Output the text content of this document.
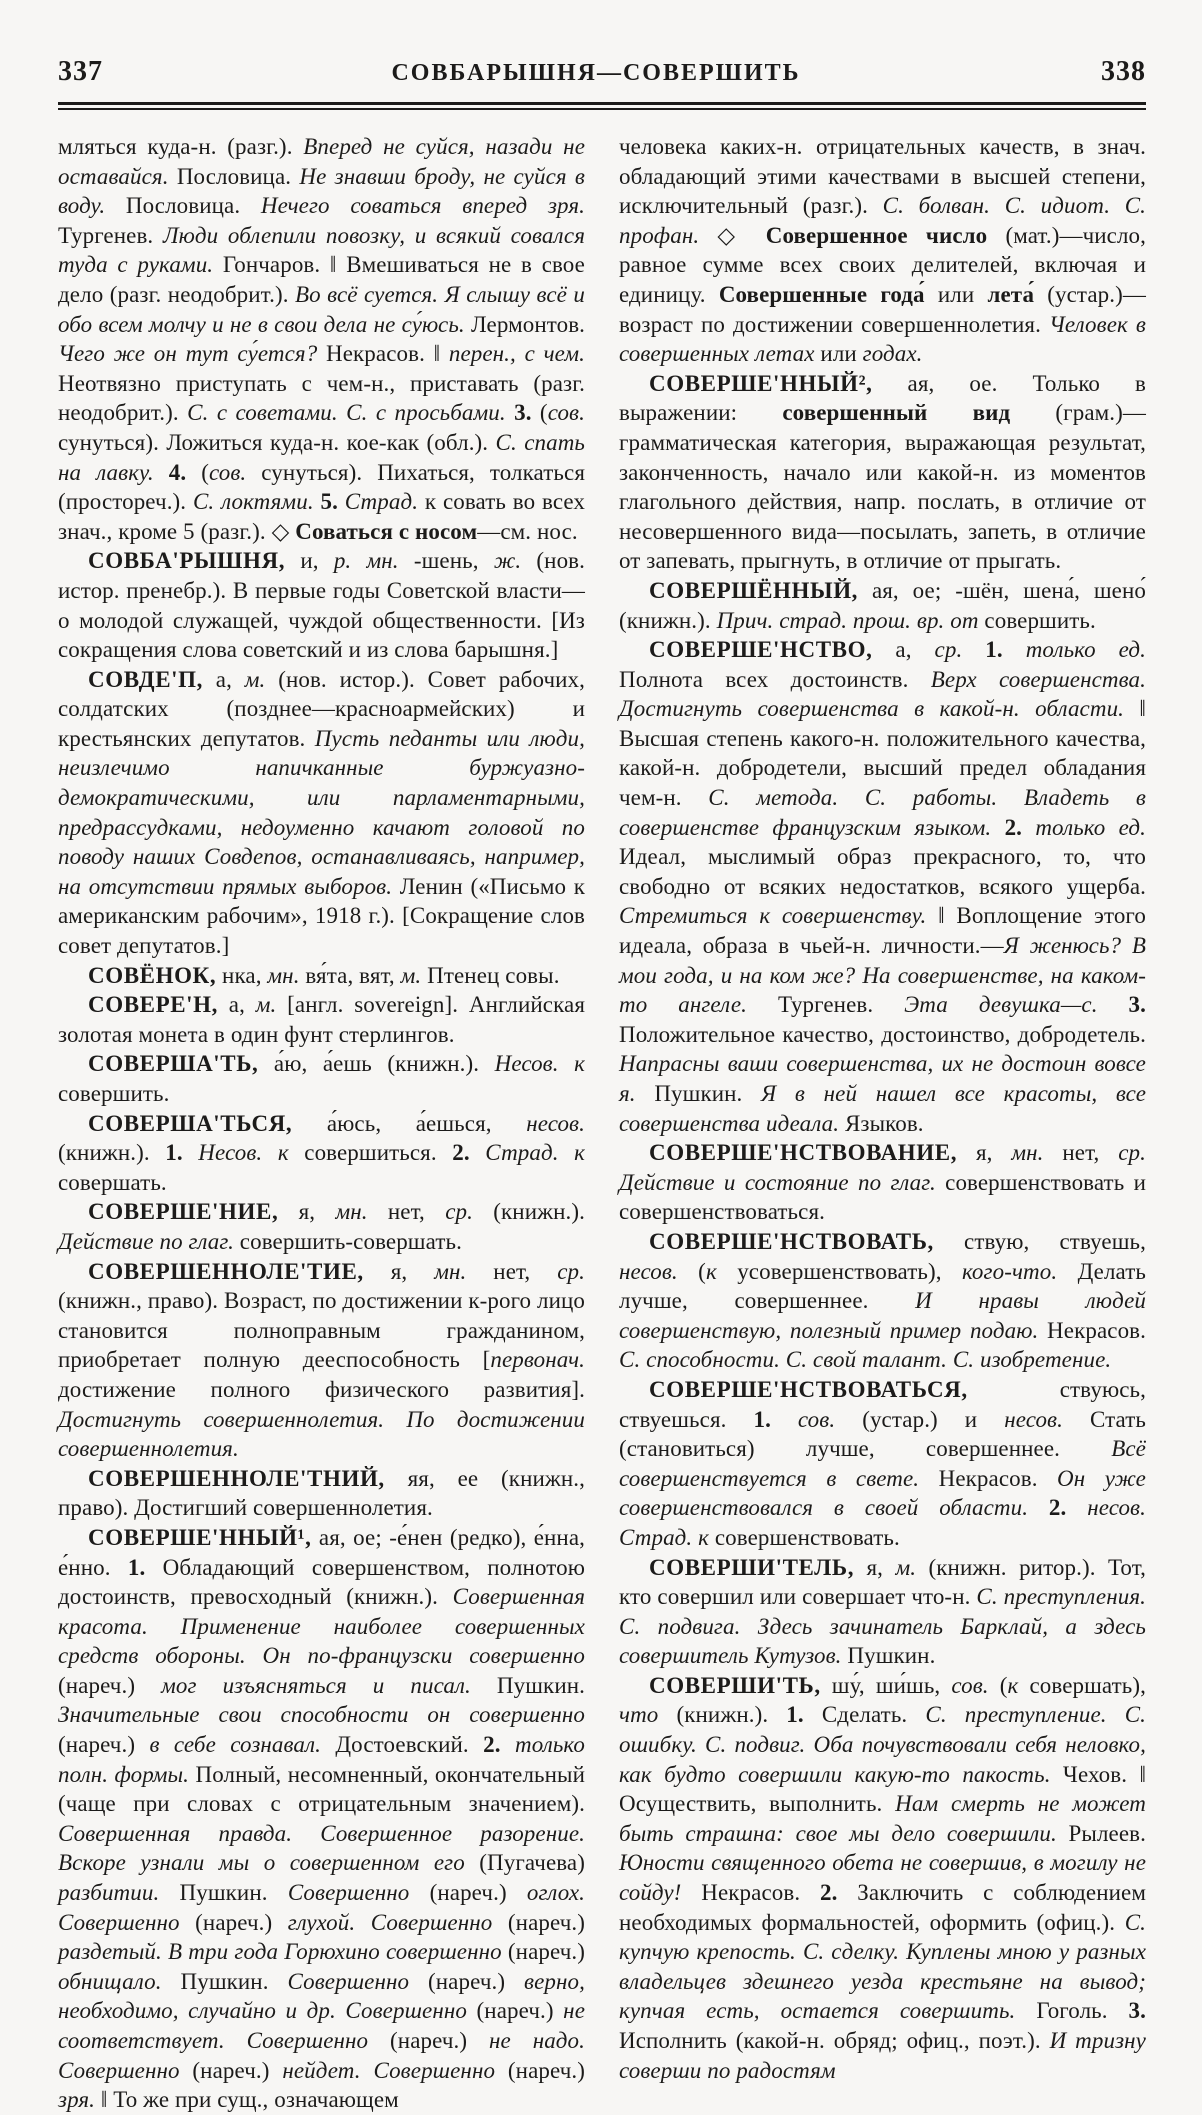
337	СОВБАРЫШНЯ—СОВЕРШИТЬ	338

мляться куда-н. (разг.). Вперед не суйся, назади не оставайся. Пословица. Не знавши броду, не суйся в воду. Пословица. Нечего соваться вперед зря. Тургенев. Люди облепили повозку, и всякий совался туда с руками. Гончаров. ‖ Вмешиваться не в свое дело (разг. неодобрит.). Во всё суется. Я слышу всё и обо всем молчу и не в свои дела не су́юсь. Лермонтов. Чего же он тут су́ется? Некрасов. ‖ перен., с чем. Неотвязно приступать с чем-н., приставать (разг. неодобрит.). С. с советами. С. с просьбами. 3. (сов. сунуться). Ложиться куда-н. кое-как (обл.). С. спать на лавку. 4. (сов. сунуться). Пихаться, толкаться (простореч.). С. локтями. 5. Страд. к совать во всех знач., кроме 5 (разг.). ◇ Соваться с носом—см. нос.

СОВБА'РЫШНЯ, и, р. мн. -шень, ж. (нов. истор. пренебр.). В первые годы Советской власти—о молодой служащей, чуждой общественности. [Из сокращения слова советский и из слова барышня.]

СОВДЕ'П, а, м. (нов. истор.). Совет рабочих, солдатских (позднее—красноармейских) и крестьянских депутатов. Пусть педанты или люди, неизлечимо напичканные буржуазно-демократическими, или парламентарными, предрассудками, недоуменно качают головой по поводу наших Совдепов, останавливаясь, например, на отсутствии прямых выборов. Ленин («Письмо к американским рабочим», 1918 г.). [Сокращение слов совет депутатов.]

СОВЁНОК, нка, мн. вя́та, вят, м. Птенец совы.

СОВЕРЕ'Н, а, м. [англ. sovereign]. Английская золотая монета в один фунт стерлингов.

СОВЕРША'ТЬ, а́ю, а́ешь (книжн.). Несов. к совершить.

СОВЕРША'ТЬСЯ, а́юсь, а́ешься, несов. (книжн.). 1. Несов. к совершиться. 2. Страд. к совершать.

СОВЕРШЕ'НИЕ, я, мн. нет, ср. (книжн.). Действие по глаг. совершить-совершать.

СОВЕРШЕННОЛЕ'ТИЕ, я, мн. нет, ср. (книжн., право). Возраст, по достижении к-рого лицо становится полноправным гражданином, приобретает полную дееспособность [первонач. достижение полного физического развития]. Достигнуть совершеннолетия. По достижении совершеннолетия.

СОВЕРШЕННОЛЕ'ТНИЙ, яя, ее (книжн., право). Достигший совершеннолетия.

СОВЕРШЕ'ННЫЙ¹, ая, ое; -е́нен (редко), е́нна, е́нно. 1. Обладающий совершенством, полнотою достоинств, превосходный (книжн.). Совершенная красота. Применение наиболее совершенных средств обороны. Он по-французски совершенно (нареч.) мог изъясняться и писал. Пушкин. Значительные свои способности он совершенно (нареч.) в себе сознавал. Достоевский. 2. только полн. формы. Полный, несомненный, окончательный (чаще при словах с отрицательным значением). Совершенная правда. Совершенное разорение. Вскоре узнали мы о совершенном его (Пугачева) разбитии. Пушкин. Совершенно (нареч.) оглох. Совершенно (нареч.) глухой. Совершенно (нареч.) раздетый. В три года Горюхино совершенно (нареч.) обнищало. Пушкин. Совершенно (нареч.) верно, необходимо, случайно и др. Совершенно (нареч.) не соответствует. Совершенно (нареч.) не надо. Совершенно (нареч.) нейдет. Совершенно (нареч.) зря. ‖ То же при сущ., означающем

человека каких-н. отрицательных качеств, в знач. обладающий этими качествами в высшей степени, исключительный (разг.). С. болван. С. идиот. С. профан. ◇ Совершенное число (мат.)—число, равное сумме всех своих делителей, включая и единицу. Совершенные года́ или лета́ (устар.)—возраст по достижении совершеннолетия. Человек в совершенных летах или годах.

СОВЕРШЕ'ННЫЙ², ая, ое. Только в выражении: совершенный вид (грам.)—грамматическая категория, выражающая результат, законченность, начало или какой-н. из моментов глагольного действия, напр. послать, в отличие от несовершенного вида—посылать, запеть, в отличие от запевать, прыгнуть, в отличие от прыгать.

СОВЕРШЁННЫЙ, ая, ое; -шён, шена́, шено́ (книжн.). Прич. страд. прош. вр. от совершить.

СОВЕРШЕ'НСТВО, а, ср. 1. только ед. Полнота всех достоинств. Верх совершенства. Достигнуть совершенства в какой-н. области. ‖ Высшая степень какого-н. положительного качества, какой-н. добродетели, высший предел обладания чем-н. С. метода. С. работы. Владеть в совершенстве французским языком. 2. только ед. Идеал, мыслимый образ прекрасного, то, что свободно от всяких недостатков, всякого ущерба. Стремиться к совершенству. ‖ Воплощение этого идеала, образа в чьей-н. личности.—Я женюсь? В мои года, и на ком же? На совершенстве, на каком-то ангеле. Тургенев. Эта девушка—с. 3. Положительное качество, достоинство, добродетель. Напрасны ваши совершенства, их не достоин вовсе я. Пушкин. Я в ней нашел все красоты, все совершенства идеала. Языков.

СОВЕРШЕ'НСТВОВАНИЕ, я, мн. нет, ср. Действие и состояние по глаг. совершенствовать и совершенствоваться.

СОВЕРШЕ'НСТВОВАТЬ, ствую, ствуешь, несов. (к усовершенствовать), кого-что. Делать лучше, совершеннее. И нравы людей совершенствую, полезный пример подаю. Некрасов. С. способности. С. свой талант. С. изобретение.

СОВЕРШЕ'НСТВОВАТЬСЯ, ствуюсь, ствуешься. 1. сов. (устар.) и несов. Стать (становиться) лучше, совершеннее. Всё совершенствуется в свете. Некрасов. Он уже совершенствовался в своей области. 2. несов. Страд. к совершенствовать.

СОВЕРШИ'ТЕЛЬ, я, м. (книжн. ритор.). Тот, кто совершил или совершает что-н. С. преступления. С. подвига. Здесь зачинатель Барклай, а здесь совершитель Кутузов. Пушкин.

СОВЕРШИ'ТЬ, шу́, ши́шь, сов. (к совершать), что (книжн.). 1. Сделать. С. преступление. С. ошибку. С. подвиг. Оба почувствовали себя неловко, как будто совершили какую-то пакость. Чехов. ‖ Осуществить, выполнить. Нам смерть не может быть страшна: свое мы дело совершили. Рылеев. Юности священного обета не совершив, в могилу не сойду! Некрасов. 2. Заключить с соблюдением необходимых формальностей, оформить (офиц.). С. купчую крепость. С. сделку. Куплены мною у разных владельцев здешнего уезда крестьяне на вывод; купчая есть, остается совершить. Гоголь. 3. Исполнить (какой-н. обряд; офиц., поэт.). И тризну соверши по радостям
